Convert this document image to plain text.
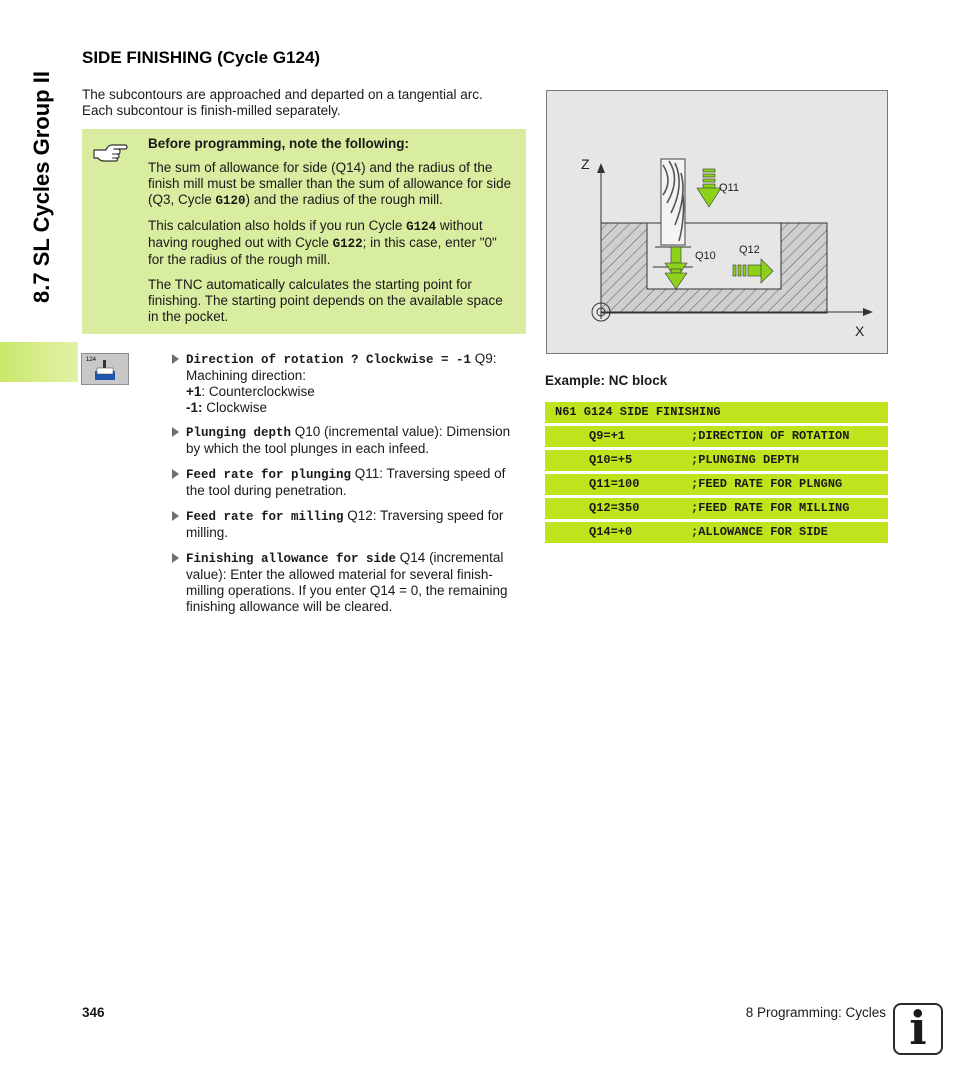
8.7 SL Cycles Group II
SIDE FINISHING (Cycle G124)

The subcontours are approached and departed on a tangential arc.
Each subcontour is finish-milled separately.

Before programming, note the following:

The sum of allowance for side (Q14) and the radius of the finish mill must be smaller than the sum of allowance for side (Q3, Cycle G120) and the radius of the rough mill.

This calculation also holds if you run Cycle G124 without having roughed out with Cycle G122; in this case, enter "0" for the radius of the rough mill.

The TNC automatically calculates the starting point for finishing. The starting point depends on the available space in the pocket.

124	Direction of rotation ? Clockwise = -1 Q9: Machining direction:
+1: Counterclockwise
-1: Clockwise
Plunging depth Q10 (incremental value): Dimension by which the tool plunges in each infeed.
Feed rate for plunging Q11: Traversing speed of the tool during penetration.
Feed rate for milling Q12: Traversing speed for milling.
Finishing allowance for side Q14 (incremental value): Enter the allowed material for several finish-milling operations. If you enter Q14 = 0, the remaining finishing allowance will be cleared.
Z
X
Q11
Q10 Q12
Example: NC block
N61 G124 SIDE FINISHING
Q9=+1	;DIRECTION OF ROTATION
Q10=+5	;PLUNGING DEPTH
Q11=100	;FEED RATE FOR PLNGNG
Q12=350	;FEED RATE FOR MILLING
Q14=+0	;ALLOWANCE FOR SIDE
346	8 Programming: Cycles i
